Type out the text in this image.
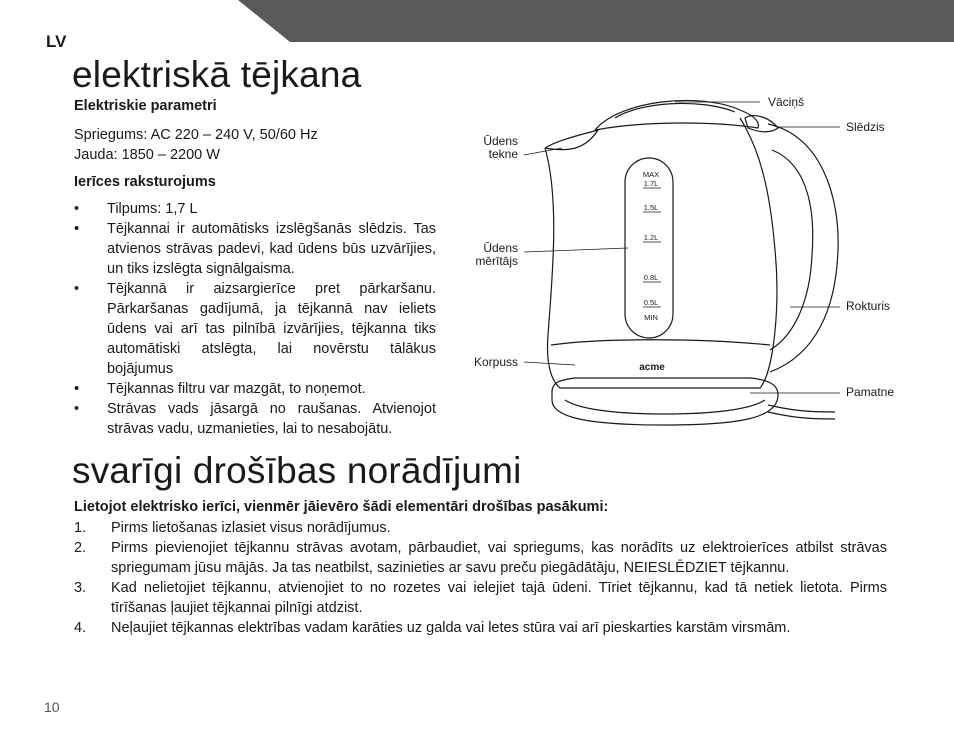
LV
elektriskā tējkana
Elektriskie parametri
Spriegums: AC 220 – 240 V, 50/60 Hz
Jauda: 1850 – 2200 W
Ierīces raksturojums
• Tilpums: 1,7 L
• Tējkannai ir automātisks izslēgšanās slēdzis. Tas atvienos strāvas padevi, kad ūdens būs uzvārījies, un tiks izslēgta signālgaisma.
• Tējkannā ir aizsargierīce pret pārkaršanu. Pārkaršanas gadījumā, ja tējkannā nav ieliets ūdens vai arī tas pilnībā izvārījies, tējkanna tiks automātiski atslēgta, lai novērstu tālākus bojājumus
• Tējkannas filtru var mazgāt, to noņemot.
• Strāvas vads jāsargā no raušanas. Atvienojot strāvas vadu, uzmanieties, lai to nesabojātu.
MAX
1.7L
1.5L
1.2L
0.8L
0.5L
MIN
acme
Vāciņš
Slēdzis
Ūdens
tekne
Ūdens
mērītājs
Rokturis
Korpuss
Pamatne
svarīgi drošības norādījumi
Lietojot elektrisko ierīci, vienmēr jāievēro šādi elementāri drošības pasākumi:
1. Pirms lietošanas izlasiet visus norādījumus.
2. Pirms pievienojiet tējkannu strāvas avotam, pārbaudiet, vai spriegums, kas norādīts uz elektroierīces atbilst strāvas spriegumam jūsu mājās. Ja tas neatbilst, sazinieties ar savu preču piegādātāju, NEIESLĒDZIET tējkannu.
3. Kad nelietojiet tējkannu, atvienojiet to no rozetes vai ielejiet tajā ūdeni. Tīriet tējkannu, kad tā netiek lietota. Pirms tīrīšanas ļaujiet tējkannai pilnīgi atdzist.
4. Neļaujiet tējkannas elektrības vadam karāties uz galda vai letes stūra vai arī pieskarties karstām virsmām.
10
